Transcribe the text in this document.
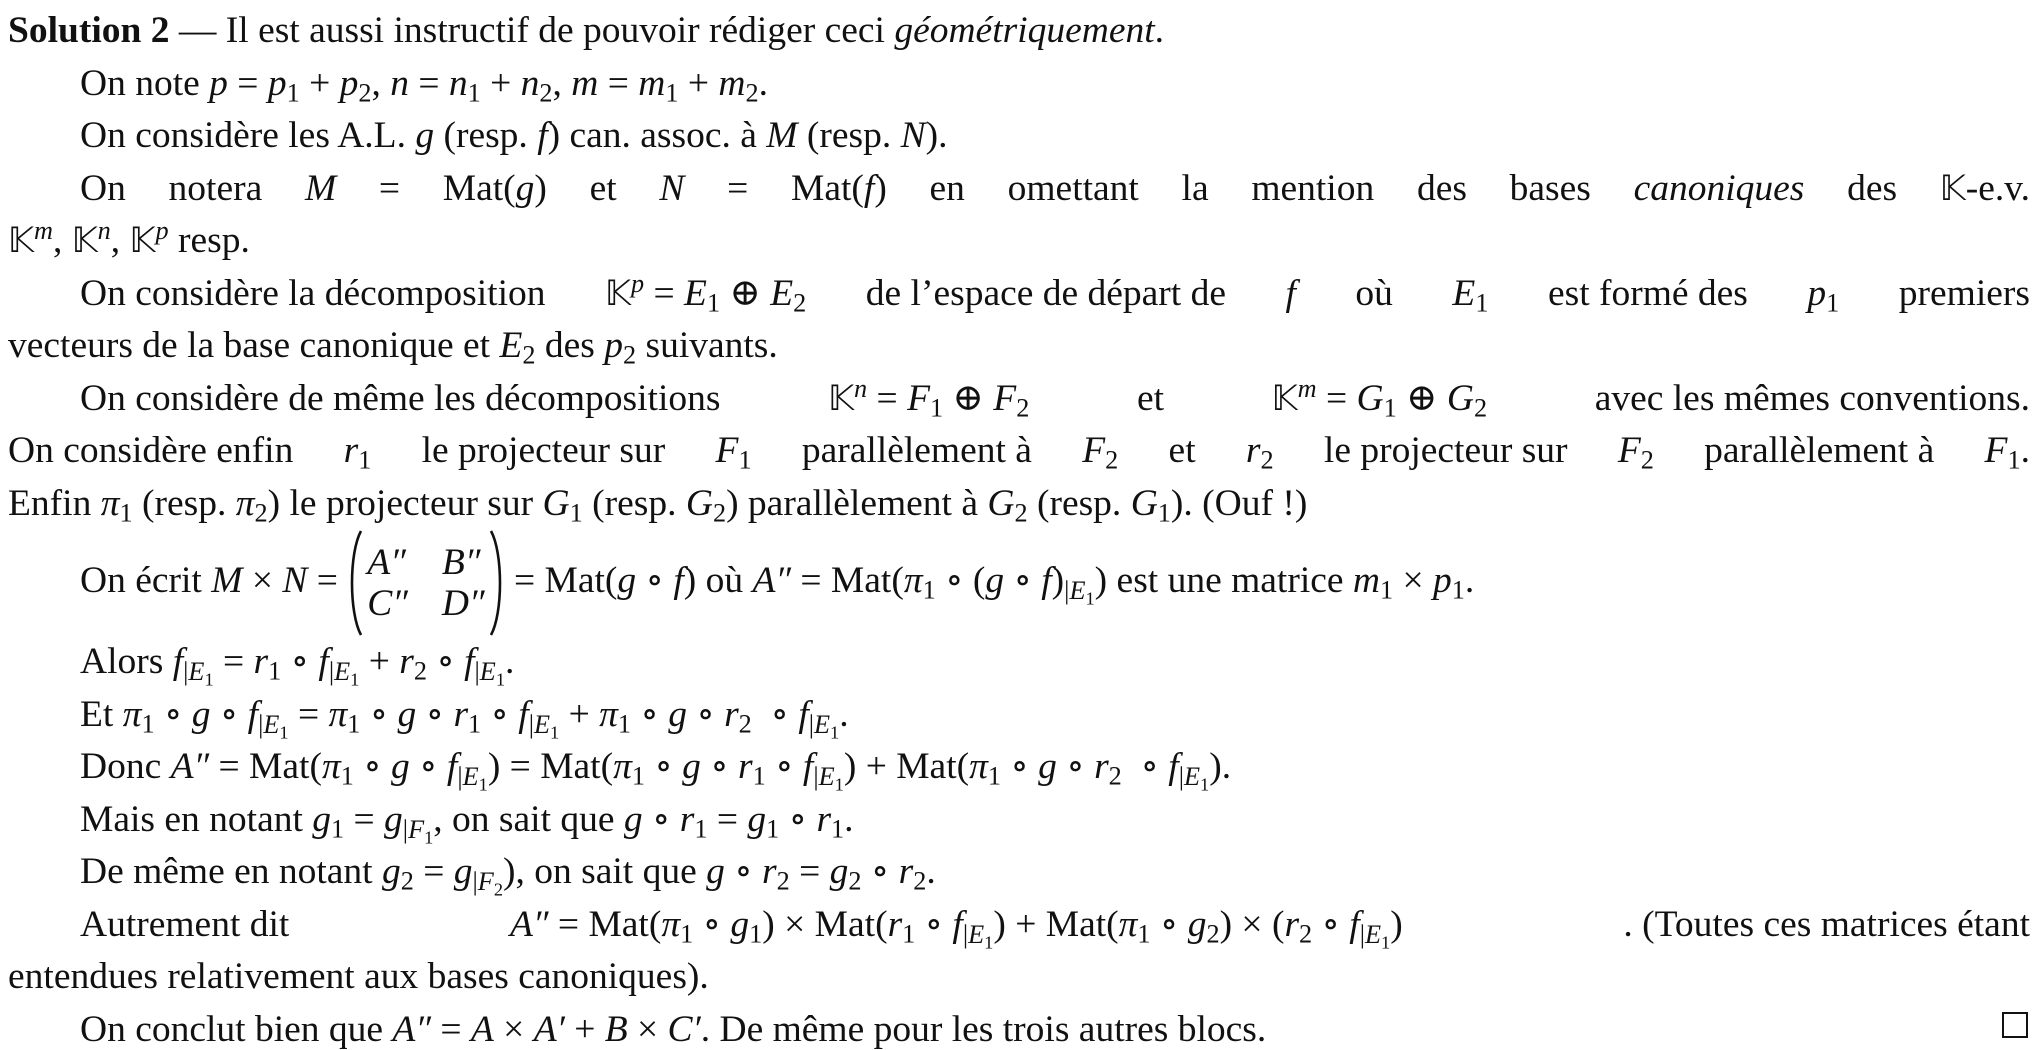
Solution 2 — Il est aussi instructif de pouvoir rédiger ceci géométriquement.
On note $p = p_1 + p_2$, $n = n_1 + n_2$, $m = m_1 + m_2$.
On considère les A.L. g (resp. f) can. assoc. à M (resp. N).
On notera M = Mat(g) et N = Mat(f) en omettant la mention des bases canoniques des 𝕂-e.v.
𝕂$^m$, 𝕂$^n$, 𝕂$^p$ resp.
On considère la décomposition 𝕂$^p$ = $E_1$ ⊕ $E_2$ de l’espace de départ de f où $E_1$ est formé des $p_1$ premiers
vecteurs de la base canonique et $E_2$ des $p_2$ suivants.
On considère de même les décompositions	𝕂$^n$ = $F_1$ ⊕ $F_2$	et	𝕂$^m$ = $G_1$ ⊕ $G_2$	avec les mêmes conventions.
On considère enfin $r_1$ le projecteur sur $F_1$ parallèlement à $F_2$ et $r_2$ le projecteur sur $F_2$ parallèlement à $F_1$.
Enfin $\pi_1$ (resp. $\pi_2$) le projecteur sur $G_1$ (resp. $G_2$) parallèlement à $G_2$ (resp. $G_1$). (Ouf !)
On écrit M × N = A″ B″
C″ D″
= Mat(g ∘ f) où $A'' = Mat(\pi_1$ ∘ (g ∘ $f)_{|E_1}$) est une matrice $m_1 \times p_1$.
Alors $f_{|E_1} = r_1$ ∘ $f_{|E_1} + r_2$ ∘ $f_{|E_1}$.
Et $\pi_1$ ∘ g ∘ $f_{|E_1} = \pi_1$ ∘ g ∘ $r_1$ ∘ $f_{|E_1} + \pi_1$ ∘ g ∘ $r_2$  ∘ $f_{|E_1}$.
Donc $A'' = Mat(\pi_1$ ∘ g ∘ $f_{|E_1}) = Mat(\pi_1$ ∘ g ∘ $r_1$ ∘ $f_{|E_1}) + Mat(\pi_1$ ∘ g ∘ $r_2$  ∘ $f_{|E_1}$).
Mais en notant $g_1 = g_{|F_1}$, on sait que g ∘ $r_1 = g_1$ ∘ $r_1$.
De même en notant $g_2 = g_{|F_2}$), on sait que g ∘ $r_2 = g_2$ ∘ $r_2$.
Autrement dit	$A'' = Mat(\pi_1$ ∘ $g_1) \times Mat(r_1$ ∘ $f_{|E_1}) + Mat(\pi_1$ ∘ $g_2) \times (r_2$ ∘ $f_{|E_1}$)	. (Toutes ces matrices étant
entendues relativement aux bases canoniques).
On conclut bien que A″ = A × A′ + B × C′. De même pour les trois autres blocs.
